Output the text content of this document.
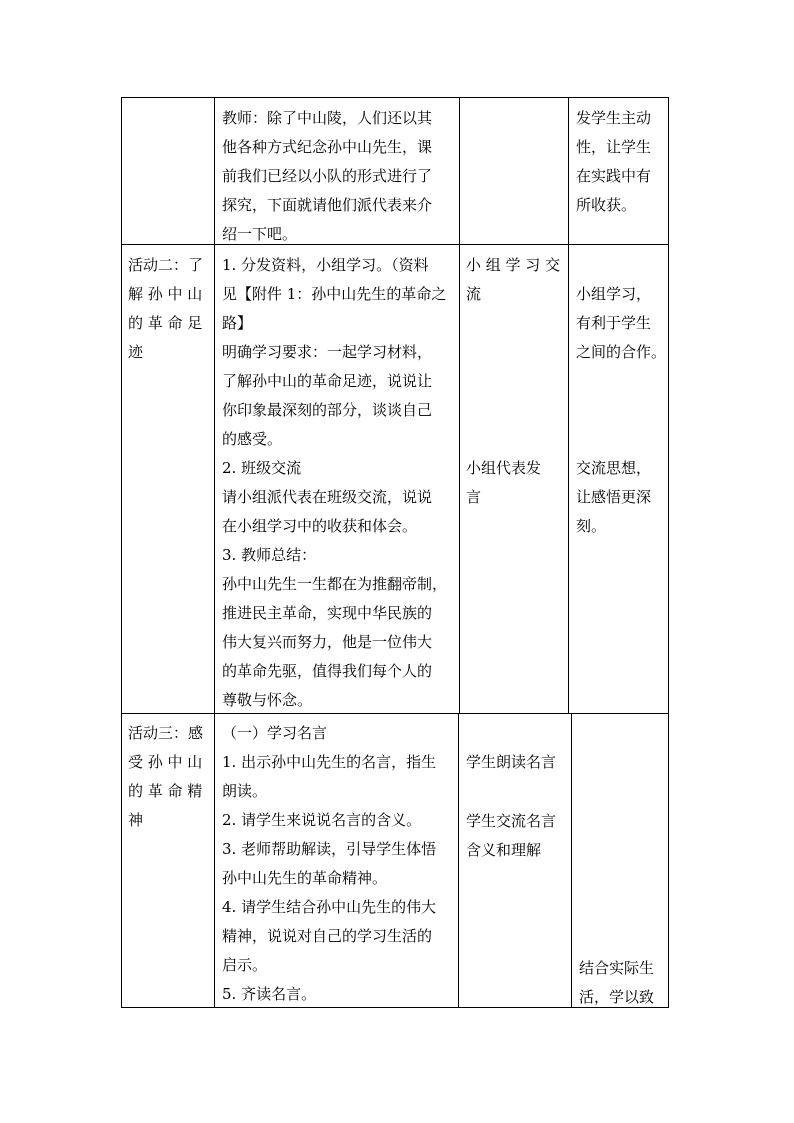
教师：除了中山陵，人们还以其
他各种方式纪念孙中山先生，课
前我们已经以小队的形式进行了
探究，下面就请他们派代表来介
绍一下吧。
发学生主动
性，让学生
在实践中有
所收获。
活动二：了
解 孙 中 山
的 革 命 足
迹
1. 分发资料，小组学习。（资料
见【附件 1：孙中山先生的革命之
路】
明确学习要求：一起学习材料，
了解孙中山的革命足迹，说说让
你印象最深刻的部分，谈谈自己
的感受。
2. 班级交流
请小组派代表在班级交流，说说
在小组学习中的收获和体会。
3. 教师总结：
孙中山先生一生都在为推翻帝制，
推进民主革命，实现中华民族的
伟大复兴而努力，他是一位伟大
的革命先驱，值得我们每个人的
尊敬与怀念。
小 组 学 习 交
流
小组代表发
言
小组学习，
有利于学生
之间的合作。
交流思想，
让感悟更深
刻。
活动三：感
受 孙 中 山
的 革 命 精
神
（一）学习名言
1. 出示孙中山先生的名言，指生
朗读。
2. 请学生来说说名言的含义。
3. 老师帮助解读，引导学生体悟
孙中山先生的革命精神。
4. 请学生结合孙中山先生的伟大
精神，说说对自己的学习生活的
启示。
5. 齐读名言。
学生朗读名言
学生交流名言
含义和理解
结合实际生
活，学以致
